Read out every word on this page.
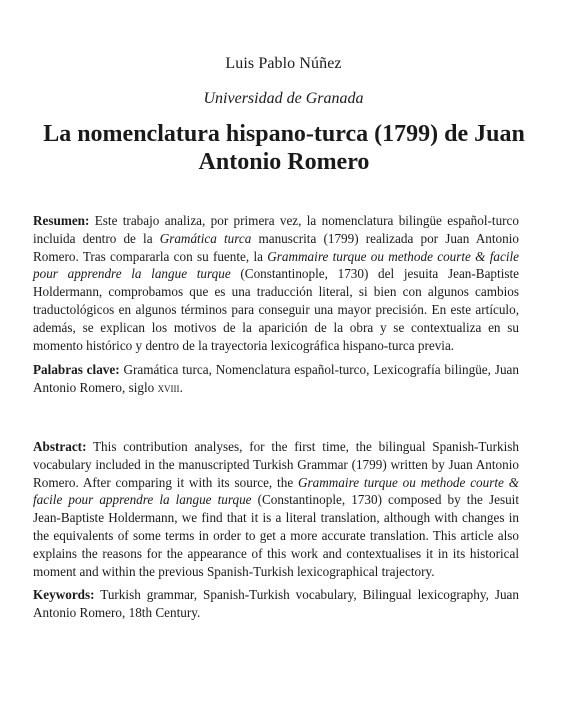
Luis Pablo Núñez
Universidad de Granada
La nomenclatura hispano-turca (1799) de Juan Antonio Romero

Resumen: Este trabajo analiza, por primera vez, la nomenclatura bilingüe español-turco incluida dentro de la Gramática turca manuscrita (1799) realizada por Juan Antonio Romero. Tras compararla con su fuente, la Grammaire turque ou methode courte & facile pour apprendre la langue turque (Constantinople, 1730) del jesuita Jean-Baptiste Holdermann, comprobamos que es una traducción literal, si bien con algunos cambios traductológicos en algunos términos para conseguir una mayor precisión. En este artículo, además, se explican los motivos de la aparición de la obra y se contextualiza en su momento histórico y dentro de la trayectoria lexicográfica hispano-turca previa.

Palabras clave: Gramática turca, Nomenclatura español-turco, Lexicografía bilingüe, Juan Antonio Romero, siglo xviii.

Abstract: This contribution analyses, for the first time, the bilingual Spanish-Turkish vocabulary included in the manuscripted Turkish Grammar (1799) written by Juan Antonio Romero. After comparing it with its source, the Grammaire turque ou methode courte & facile pour apprendre la langue turque (Constantinople, 1730) composed by the Jesuit Jean-Baptiste Holdermann, we find that it is a literal translation, although with changes in the equivalents of some terms in order to get a more accurate translation. This article also explains the reasons for the appearance of this work and contextualises it in its historical moment and within the previous Spanish-Turkish lexicographical trajectory.

Keywords: Turkish grammar, Spanish-Turkish vocabulary, Bilingual lexicography, Juan Antonio Romero, 18th Century.
